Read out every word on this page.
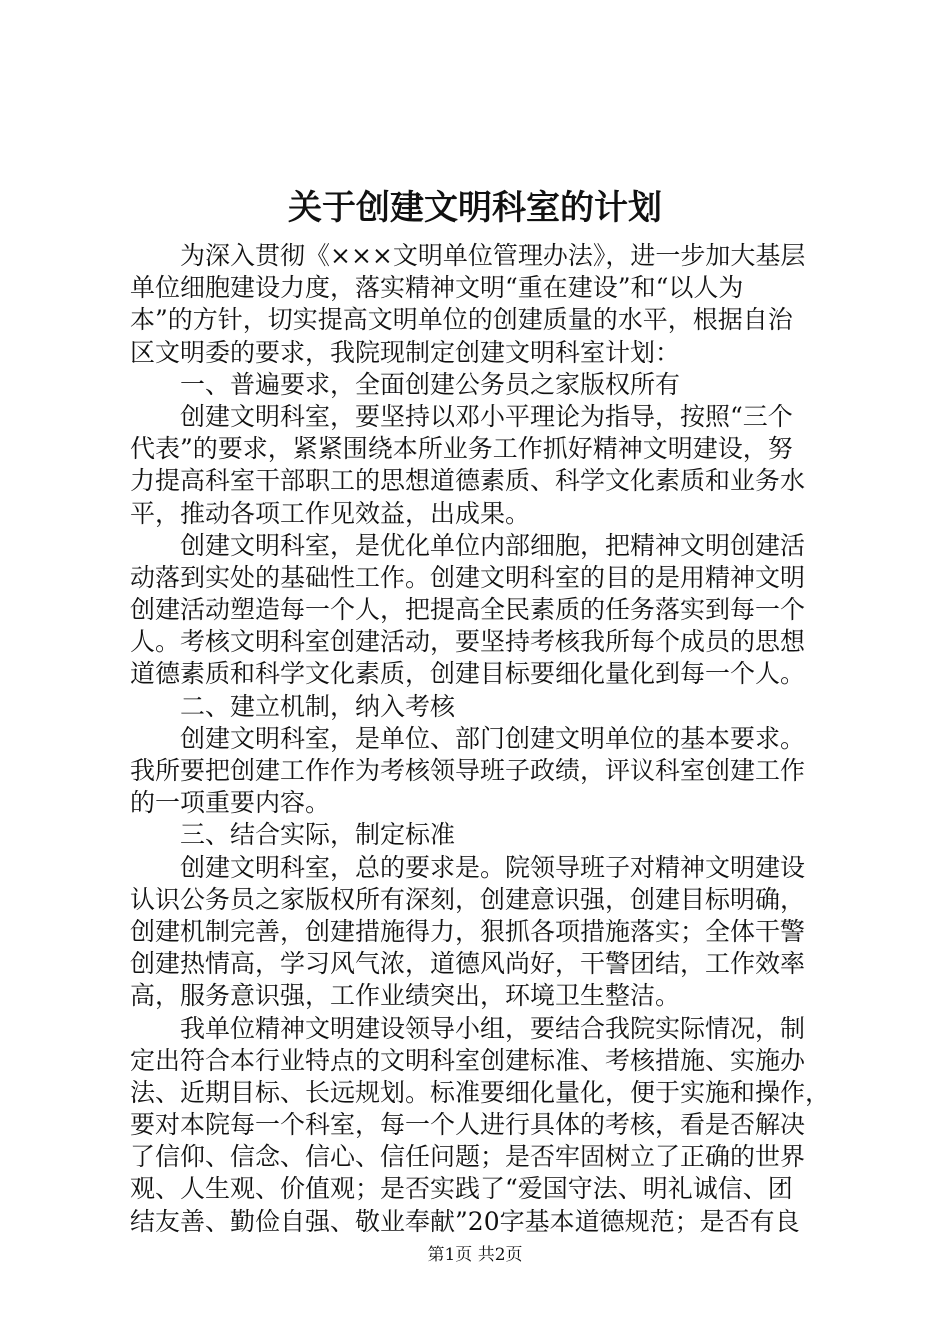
关于创建文明科室的计划
为深入贯彻《×××文明单位管理办法》，进一步加大基层
单位细胞建设力度，落实精神文明“重在建设”和“以人为
本”的方针，切实提高文明单位的创建质量的水平，根据自治
区文明委的要求，我院现制定创建文明科室计划：
一、普遍要求，全面创建公务员之家版权所有
创建文明科室，要坚持以邓小平理论为指导，按照“三个
代表”的要求，紧紧围绕本所业务工作抓好精神文明建设，努
力提高科室干部职工的思想道德素质、科学文化素质和业务水
平，推动各项工作见效益，出成果。
创建文明科室，是优化单位内部细胞，把精神文明创建活
动落到实处的基础性工作。创建文明科室的目的是用精神文明
创建活动塑造每一个人，把提高全民素质的任务落实到每一个
人。考核文明科室创建活动，要坚持考核我所每个成员的思想
道德素质和科学文化素质，创建目标要细化量化到每一个人。
二、建立机制，纳入考核
创建文明科室，是单位、部门创建文明单位的基本要求。
我所要把创建工作作为考核领导班子政绩，评议科室创建工作
的一项重要内容。
三、结合实际，制定标准
创建文明科室，总的要求是。院领导班子对精神文明建设
认识公务员之家版权所有深刻，创建意识强，创建目标明确，
创建机制完善，创建措施得力，狠抓各项措施落实；全体干警
创建热情高，学习风气浓，道德风尚好，干警团结，工作效率
高，服务意识强，工作业绩突出，环境卫生整洁。
我单位精神文明建设领导小组，要结合我院实际情况，制
定出符合本行业特点的文明科室创建标准、考核措施、实施办
法、近期目标、长远规划。标准要细化量化，便于实施和操作，
要对本院每一个科室，每一个人进行具体的考核，看是否解决
了信仰、信念、信心、信任问题；是否牢固树立了正确的世界
观、人生观、价值观；是否实践了“爱国守法、明礼诚信、团
结友善、勤俭自强、敬业奉献”20字基本道德规范；是否有良
第1页 共2页
